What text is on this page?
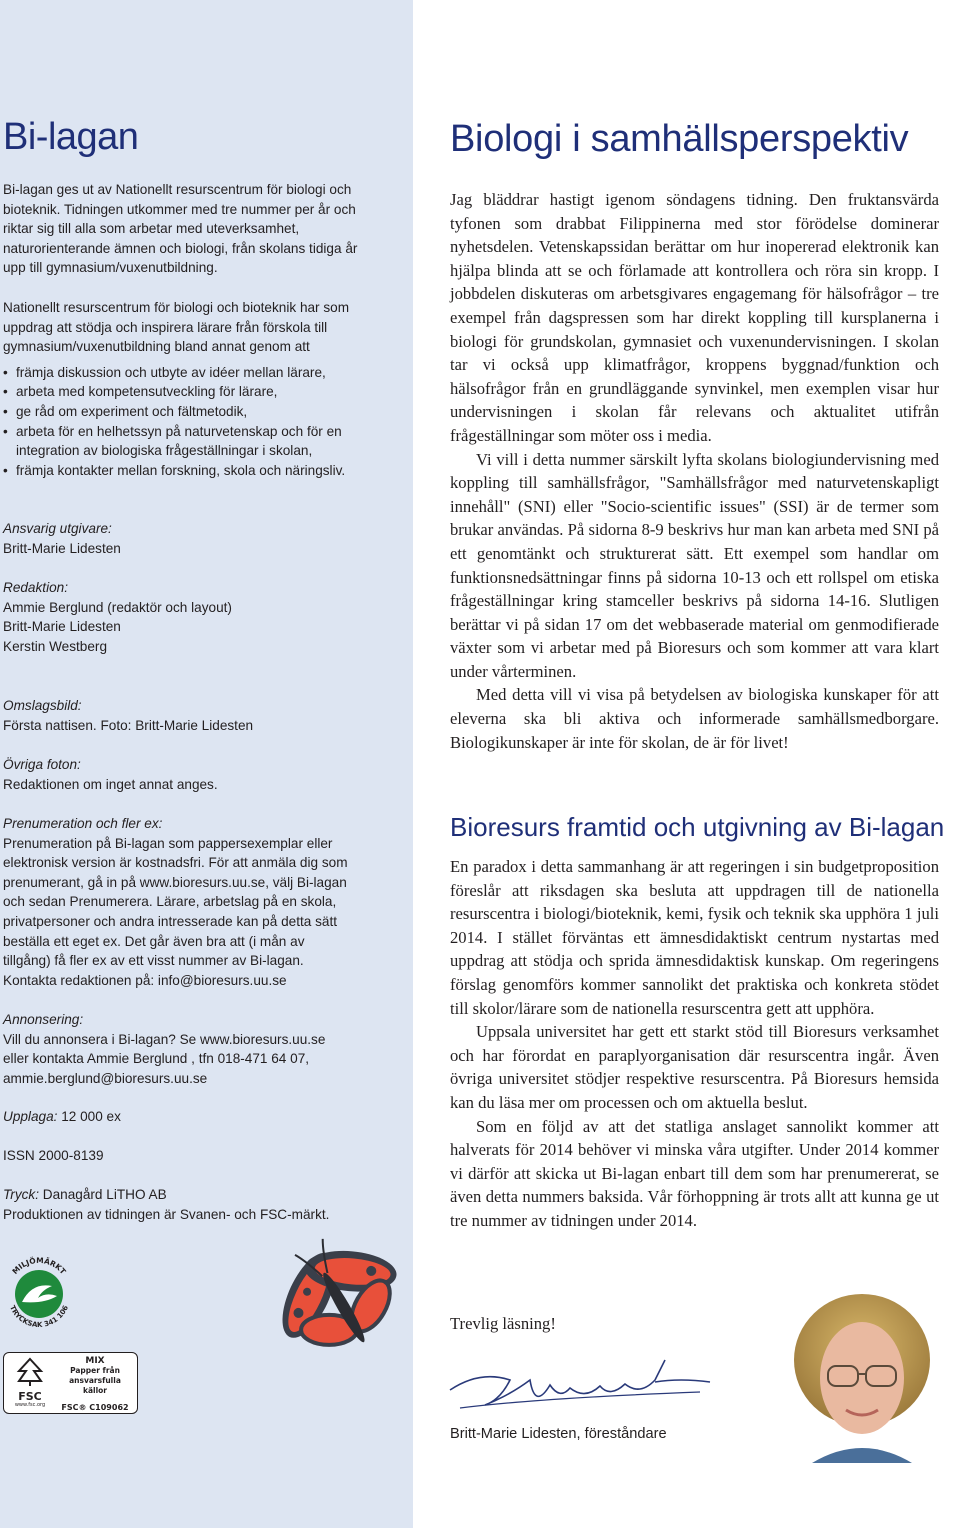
Bi-lagan

Bi-lagan ges ut av Nationellt resurscentrum för biologi och bioteknik. Tidningen utkommer med tre nummer per år och riktar sig till alla som arbetar med uteverksamhet, naturorienterande ämnen och biologi, från skolans tidiga år upp till gymnasium/vuxenutbildning.

Nationellt resurscentrum för biologi och bioteknik har som uppdrag att stödja och inspirera lärare från förskola till gymnasium/vuxenutbildning bland annat genom att

• främja diskussion och utbyte av idéer mellan lärare,
• arbeta med kompetensutveckling för lärare,
• ge råd om experiment och fältmetodik,
• arbeta för en helhetssyn på naturvetenskap och för en integration av biologiska frågeställningar i skolan,
• främja kontakter mellan forskning, skola och näringsliv.
Ansvarig utgivare:
Britt-Marie Lidesten
Redaktion:
Ammie Berglund (redaktör och layout)
Britt-Marie Lidesten
Kerstin Westberg
Omslagsbild:
Första nattisen. Foto: Britt-Marie Lidesten
Övriga foton:
Redaktionen om inget annat anges.
Prenumeration och fler ex:
Prenumeration på Bi-lagan som pappersexemplar eller elektronisk version är kostnadsfri. För att anmäla dig som prenumerant, gå in på www.bioresurs.uu.se, välj Bi-lagan och sedan Prenumerera. Lärare, arbetslag på en skola, privatpersoner och andra intresserade kan på detta sätt beställa ett eget ex. Det går även bra att (i mån av tillgång) få fler ex av ett visst nummer av Bi-lagan. Kontakta redaktionen på: info@bioresurs.uu.se
Annonsering:
Vill du annonsera i Bi-lagan? Se www.bioresurs.uu.se eller kontakta Ammie Berglund , tfn 018-471 64 07, ammie.berglund@bioresurs.uu.se
Upplaga: 12 000 ex
ISSN 2000-8139
Tryck: Danagård LiTHO AB
Produktionen av tidningen är Svanen- och FSC-märkt.
MILJÖMÄRKT
TRYCKSAK 341 106
FSC
www.fsc.org
MIX
Papper från
ansvarsfulla källor
FSC® C109062
Biologi i samhällsperspektiv

Jag bläddrar hastigt igenom söndagens tidning. Den fruktansvärda tyfonen som drabbat Filippinerna med stor förödelse dominerar nyhetsdelen. Vetenskapssidan berättar om hur inopererad elektronik kan hjälpa blinda att se och förlamade att kontrollera och röra sin kropp. I jobbdelen diskuteras om arbetsgivares engagemang för hälsofrågor – tre exempel från dagspressen som har direkt koppling till kursplanerna i biologi för grundskolan, gymnasiet och vuxenundervisningen. I skolan tar vi också upp klimatfrågor, kroppens byggnad/funktion och hälsofrågor från en grundläggande synvinkel, men exemplen visar hur undervisningen i skolan får relevans och aktualitet utifrån frågeställningar som möter oss i media.

Vi vill i detta nummer särskilt lyfta skolans biologiundervisning med koppling till samhällsfrågor, "Samhällsfrågor med naturvetenskapligt innehåll" (SNI) eller "Socio-scientific issues" (SSI) är de termer som brukar användas. På sidorna 8-9 beskrivs hur man kan arbeta med SNI på ett genomtänkt och strukturerat sätt. Ett exempel som handlar om funktionsnedsättningar finns på sidorna 10-13 och ett rollspel om etiska frågeställningar kring stamceller beskrivs på sidorna 14-16. Slutligen berättar vi på sidan 17 om det webbaserade material om genmodifierade växter som vi arbetar med på Bioresurs och som kommer att vara klart under vårterminen.

Med detta vill vi visa på betydelsen av biologiska kunskaper för att eleverna ska bli aktiva och informerade samhällsmedborgare. Biologikunskaper är inte för skolan, de är för livet!

Bioresurs framtid och utgivning av Bi-lagan

En paradox i detta sammanhang är att regeringen i sin budgetproposition föreslår att riksdagen ska besluta att uppdragen till de nationella resurscentra i biologi/bioteknik, kemi, fysik och teknik ska upphöra 1 juli 2014. I stället förväntas ett ämnesdidaktiskt centrum nystartas med uppdrag att stödja och sprida ämnesdidaktisk kunskap. Om regeringens förslag genomförs kommer sannolikt det praktiska och konkreta stödet till skolor/lärare som de nationella resurscentra gett att upphöra.

Uppsala universitet har gett ett starkt stöd till Bioresurs verksamhet och har förordat en paraplyorganisation där resurscentra ingår. Även övriga universitet stödjer respektive resurscentra. På Bioresurs hemsida kan du läsa mer om processen och om aktuella beslut.

Som en följd av att det statliga anslaget sannolikt kommer att halverats för 2014 behöver vi minska våra utgifter. Under 2014 kommer vi därför att skicka ut Bi-lagan enbart till dem som har prenumererat, se även detta nummers baksida. Vår förhoppning är trots allt att kunna ge ut tre nummer av tidningen under 2014.

Trevlig läsning!
Britt-Marie Lidesten, föreståndare
